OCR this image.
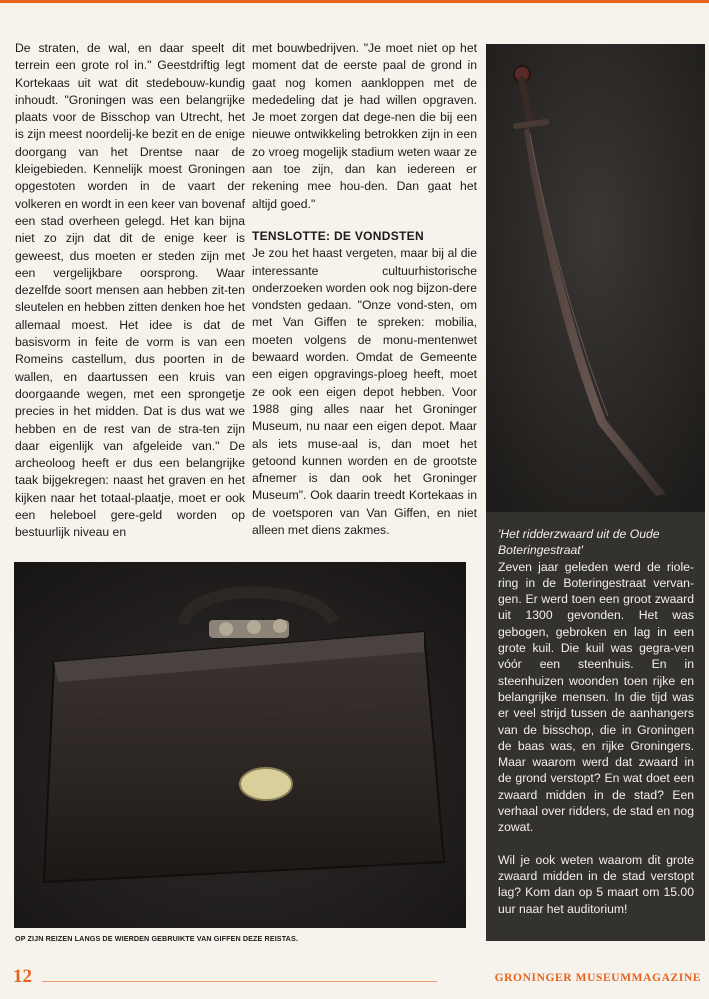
De straten, de wal, en daar speelt dit terrein een grote rol in." Geestdriftig legt Kortekaas uit wat dit stedebouw-kundig inhoudt. "Groningen was een belangrijke plaats voor de Bisschop van Utrecht, het is zijn meest noordelij-ke bezit en de enige doorgang van het Drentse naar de kleigebieden. Kennelijk moest Groningen opgestoten worden in de vaart der volkeren en wordt in een keer van bovenaf een stad overheen gelegd. Het kan bijna niet zo zijn dat dit de enige keer is geweest, dus moeten er steden zijn met een vergelijkbare oorsprong. Waar dezelfde soort mensen aan hebben zit-ten sleutelen en hebben zitten denken hoe het allemaal moest. Het idee is dat de basisvorm in feite de vorm is van een Romeins castellum, dus poorten in de wallen, en daartussen een kruis van doorgaande wegen, met een sprongetje precies in het midden. Dat is dus wat we hebben en de rest van de stra-ten zijn daar eigenlijk van afgeleide van." De archeoloog heeft er dus een belangrijke taak bijgekregen: naast het graven en het kijken naar het totaal-plaatje, moet er ook een heleboel gere-geld worden op bestuurlijk niveau en
met bouwbedrijven. "Je moet niet op het moment dat de eerste paal de grond in gaat nog komen aankloppen met de mededeling dat je had willen opgraven. Je moet zorgen dat dege-nen die bij een nieuwe ontwikkeling betrokken zijn in een zo vroeg mogelijk stadium weten waar ze aan toe zijn, dan kan iedereen er rekening mee hou-den. Dan gaat het altijd goed."
TENSLOTTE: DE VONDSTEN
Je zou het haast vergeten, maar bij al die interessante cultuurhistorische onderzoeken worden ook nog bijzon-dere vondsten gedaan. "Onze vond-sten, om met Van Giffen te spreken: mobilia, moeten volgens de monu-mentenwet bewaard worden. Omdat de Gemeente een eigen opgravings-ploeg heeft, moet ze ook een eigen depot hebben. Voor 1988 ging alles naar het Groninger Museum, nu naar een eigen depot. Maar als iets muse-aal is, dan moet het getoond kunnen worden en de grootste afnemer is dan ook het Groninger Museum". Ook daarin treedt Kortekaas in de voetsporen van Van Giffen, en niet alleen met diens zakmes.	'Het ridderzwaard uit de Oude Boteringestraat'
Zeven jaar geleden werd de riole-ring in de Boteringestraat vervan-gen. Er werd toen een groot zwaard uit 1300 gevonden. Het was gebogen, gebroken en lag in een grote kuil. Die kuil was gegra-ven vóór een steenhuis. En in steenhuizen woonden toen rijke en belangrijke mensen. In die tijd was er veel strijd tussen de aanhangers van de bisschop, die in Groningen de baas was, en rijke Groningers. Maar waarom werd dat zwaard in de grond verstopt? En wat doet een zwaard midden in de stad? Een verhaal over ridders, de stad en nog zowat.
Wil je ook weten waarom dit grote zwaard midden in de stad verstopt lag? Kom dan op 5 maart om 15.00 uur naar het auditorium!
OP ZIJN REIZEN LANGS DE WIERDEN GEBRUIKTE VAN GIFFEN DEZE REISTAS.
12	GRONINGER MUSEUMMAGAZINE
